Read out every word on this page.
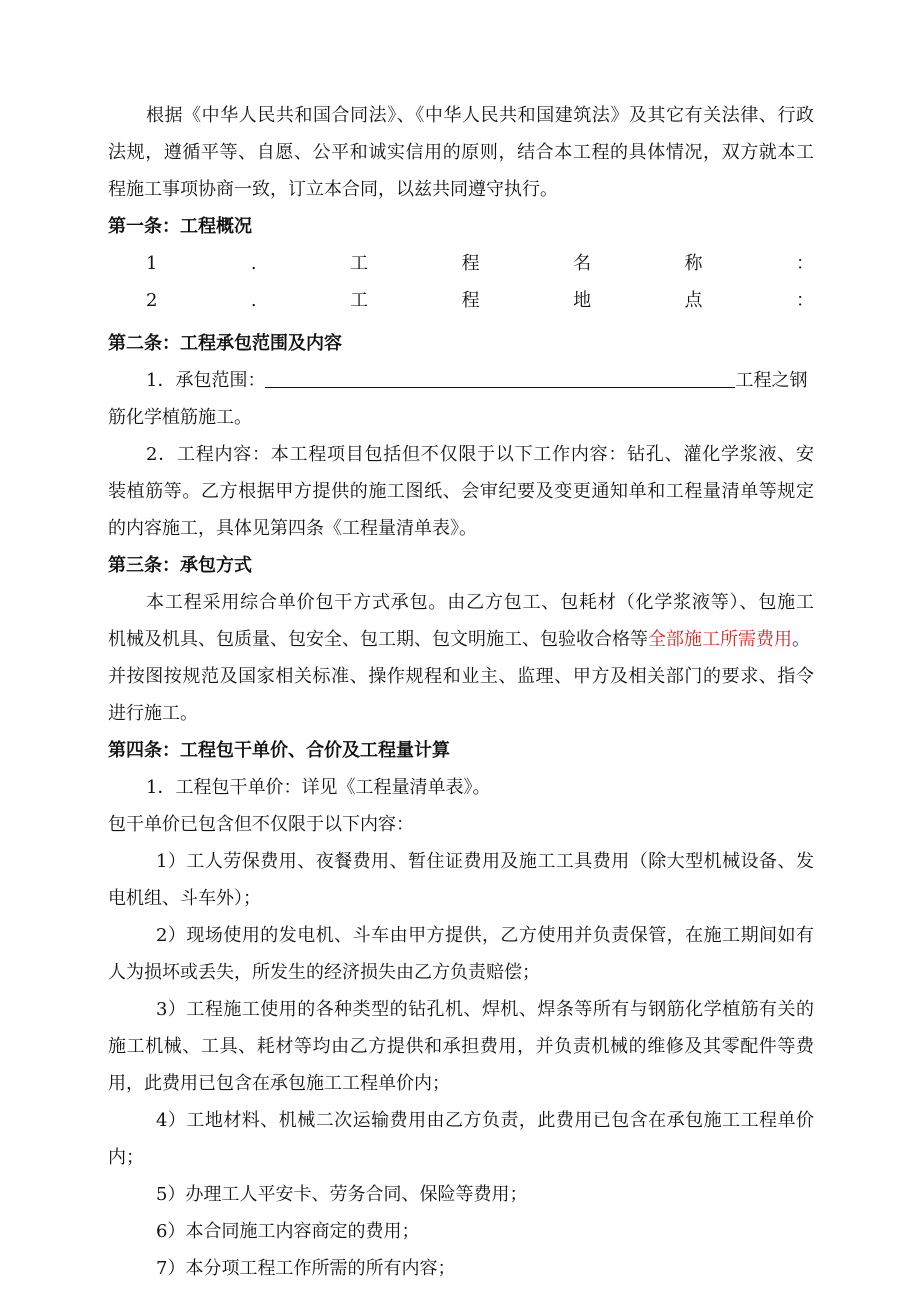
根据《中华人民共和国合同法》、《中华人民共和国建筑法》及其它有关法律、行政
法规，遵循平等、自愿、公平和诚实信用的原则，结合本工程的具体情况，双方就本工
程施工事项协商一致，订立本合同，以兹共同遵守执行。
第一条：工程概况
1	.	工	程	名	称	：
2	.	工	程	地	点	：
第二条：工程承包范围及内容
1．承包范围：	工程之钢
筋化学植筋施工。
2．工程内容：本工程项目包括但不仅限于以下工作内容：钻孔、灌化学浆液、安
装植筋等。乙方根据甲方提供的施工图纸、会审纪要及变更通知单和工程量清单等规定
的内容施工，具体见第四条《工程量清单表》。
第三条：承包方式
本工程采用综合单价包干方式承包。由乙方包工、包耗材（化学浆液等）、包施工
机械及机具、包质量、包安全、包工期、包文明施工、包验收合格等全部施工所需费用。
并按图按规范及国家相关标准、操作规程和业主、监理、甲方及相关部门的要求、指令
进行施工。
第四条：工程包干单价、合价及工程量计算
1．工程包干单价：详见《工程量清单表》。
包干单价已包含但不仅限于以下内容：
1）工人劳保费用、夜餐费用、暂住证费用及施工工具费用（除大型机械设备、发
电机组、斗车外）；
2）现场使用的发电机、斗车由甲方提供，乙方使用并负责保管，在施工期间如有
人为损坏或丢失，所发生的经济损失由乙方负责赔偿；
3）工程施工使用的各种类型的钻孔机、焊机、焊条等所有与钢筋化学植筋有关的
施工机械、工具、耗材等均由乙方提供和承担费用，并负责机械的维修及其零配件等费
用，此费用已包含在承包施工工程单价内；
4）工地材料、机械二次运输费用由乙方负责，此费用已包含在承包施工工程单价
内；
5）办理工人平安卡、劳务合同、保险等费用；
6）本合同施工内容商定的费用；
7）本分项工程工作所需的所有内容；
